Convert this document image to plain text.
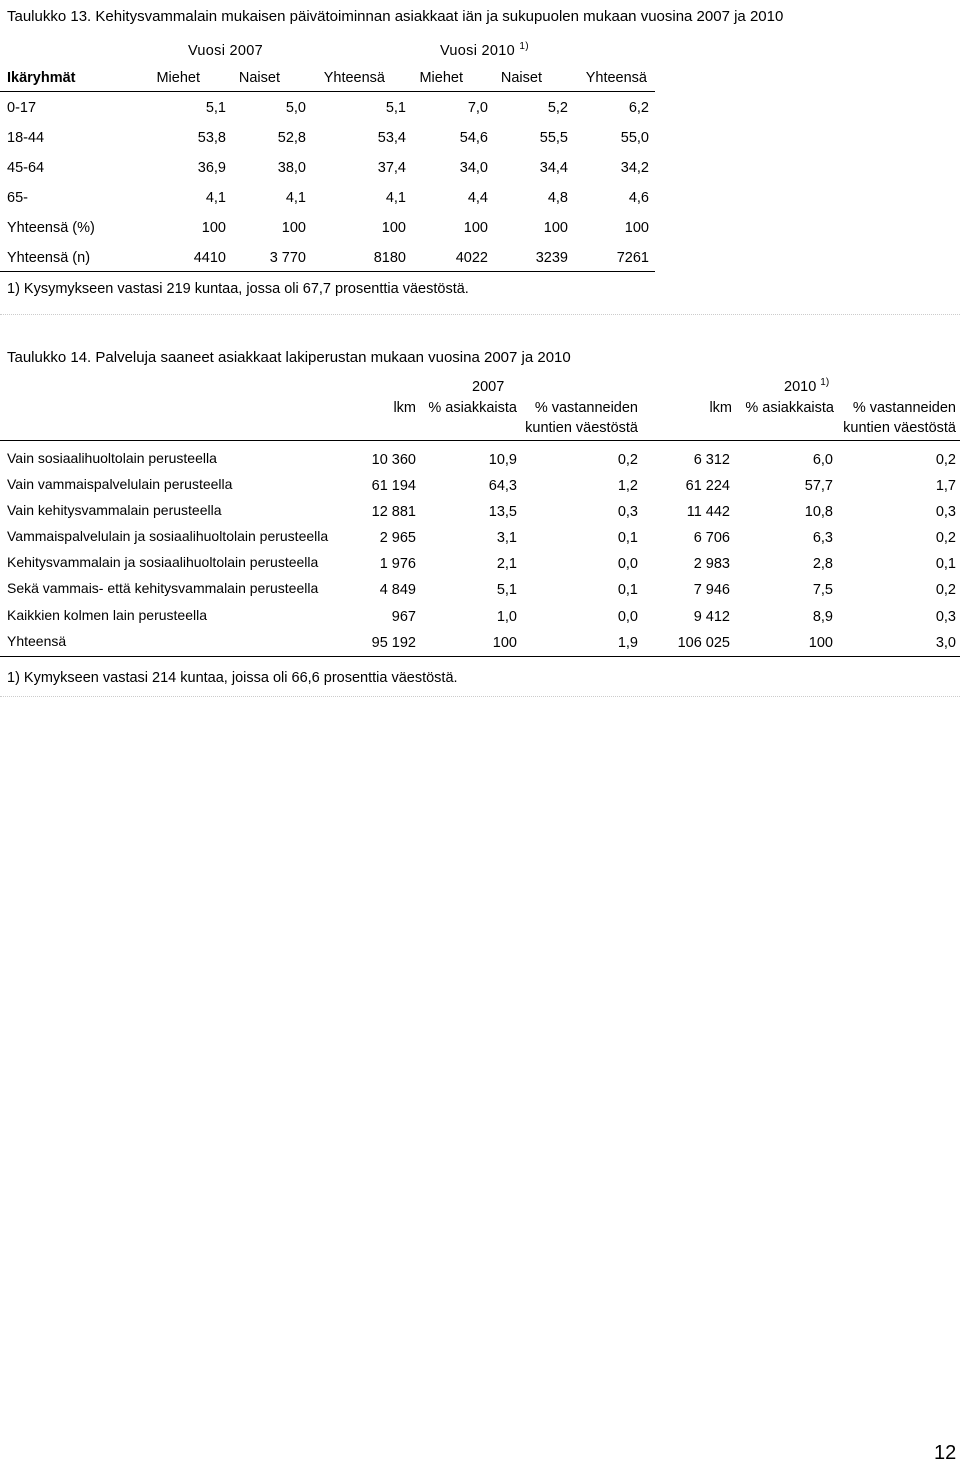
Taulukko 13. Kehitysvammalain mukaisen päivätoiminnan asiakkaat iän ja sukupuolen mukaan vuosina 2007 ja 2010
Vuosi 2007	Vuosi 2010 $^{1)}$
Ikäryhmät	Miehet	Naiset	Yhteensä	Miehet	Naiset	Yhteensä
0-17	5,1	5,0	5,1	7,0	5,2	6,2
18-44	53,8	52,8	53,4	54,6	55,5	55,0
45-64	36,9	38,0	37,4	34,0	34,4	34,2
65-	4,1	4,1	4,1	4,4	4,8	4,6
Yhteensä (%)	100	100	100	100	100	100
Yhteensä (n)	4410	3 770	8180	4022	3239	7261
1) Kysymykseen vastasi 219 kuntaa, jossa oli 67,7 prosenttia väestöstä.
Taulukko 14. Palveluja saaneet asiakkaat lakiperustan mukaan vuosina 2007 ja 2010
2007	2010 $^{1)}$
lkm % asiakkaista	% vastanneiden
kuntien väestöstä
lkm % asiakkaista	% vastanneiden
kuntien väestöstä
Vain sosiaalihuoltolain perusteella	10 360	10,9	0,2	6 312	6,0	0,2
Vain vammaispalvelulain perusteella	61 194	64,3	1,2	61 224	57,7	1,7
Vain kehitysvammalain perusteella	12 881	13,5	0,3	11 442	10,8	0,3
Vammaispalvelulain ja sosiaalihuoltolain perusteella	2 965	3,1	0,1	6 706	6,3	0,2
Kehitysvammalain ja sosiaalihuoltolain perusteella	1 976	2,1	0,0	2 983	2,8	0,1
Sekä vammais- että kehitysvammalain perusteella	4 849	5,1	0,1	7 946	7,5	0,2
Kaikkien kolmen lain perusteella	967	1,0	0,0	9 412	8,9	0,3
Yhteensä	95 192	100	1,9	106 025	100	3,0
1) Kymykseen vastasi 214 kuntaa, joissa oli 66,6 prosenttia väestöstä.
12
